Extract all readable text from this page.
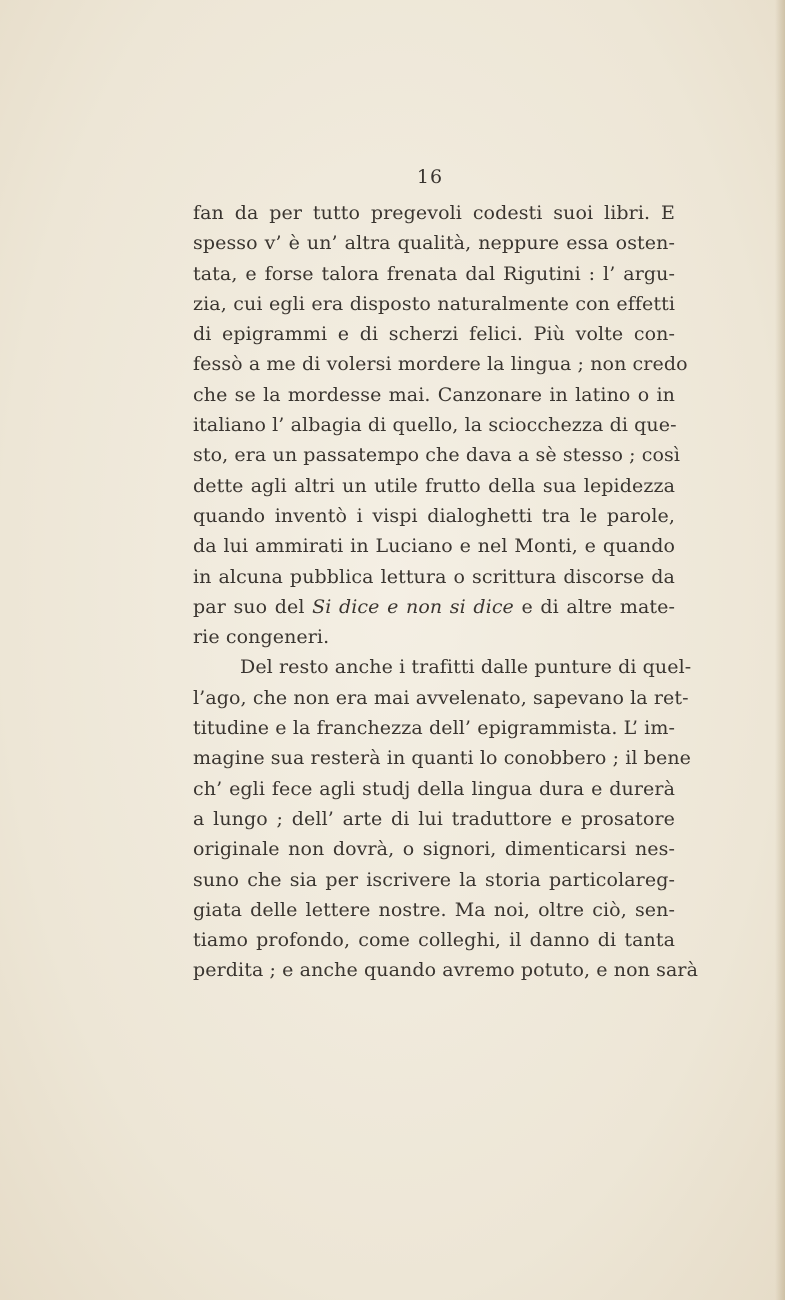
16
fan da per tutto pregevoli codesti suoi libri. E
spesso v’ è un’ altra qualità, neppure essa osten-
tata, e forse talora frenata dal Rigutini : l’ argu-
zia, cui egli era disposto naturalmente con effetti
di epigrammi e di scherzi felici. Più volte con-
fessò a me di volersi mordere la lingua ; non credo
che se la mordesse mai. Canzonare in latino o in
italiano l’ albagia di quello, la sciocchezza di que-
sto, era un passatempo che dava a sè stesso ; così
dette agli altri un utile frutto della sua lepidezza
quando inventò i vispi dialoghetti tra le parole,
da lui ammirati in Luciano e nel Monti, e quando
in alcuna pubblica lettura o scrittura discorse da
par suo del Si dice e non si dice e di altre mate-
rie congeneri.
Del resto anche i trafitti dalle punture di quel-
l’ago, che non era mai avvelenato, sapevano la ret-
titudine e la franchezza dell’ epigrammista. L’ im-
magine sua resterà in quanti lo conobbero ; il bene
ch’ egli fece agli studj della lingua dura e durerà
a lungo ; dell’ arte di lui traduttore e prosatore
originale non dovrà, o signori, dimenticarsi nes-
suno che sia per iscrivere la storia particolareg-
giata delle lettere nostre. Ma noi, oltre ciò, sen-
tiamo profondo, come colleghi, il danno di tanta
perdita ; e anche quando avremo potuto, e non sarà
